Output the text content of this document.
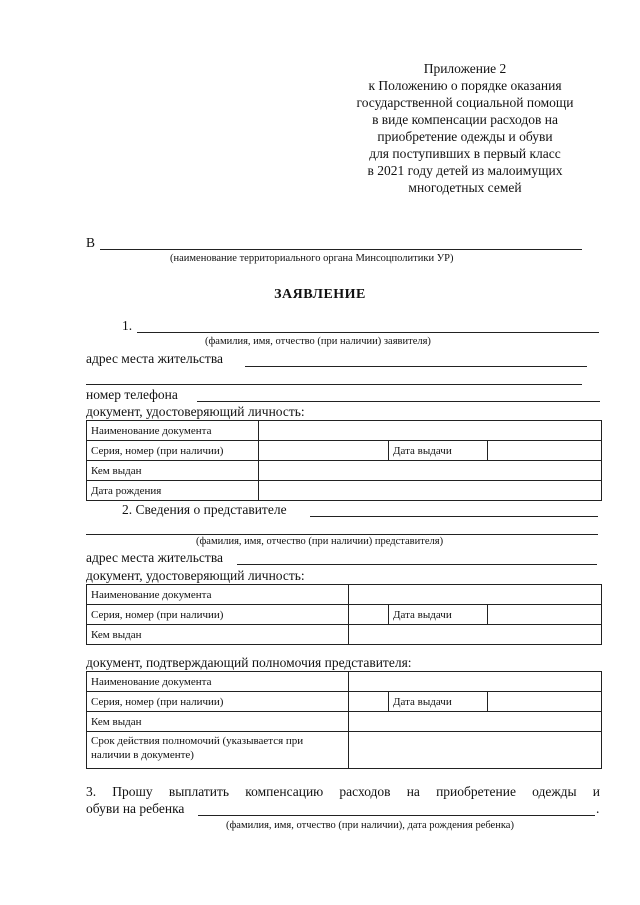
Приложение 2
к Положению о порядке оказания
государственной социальной помощи
в виде компенсации расходов на
приобретение одежды и обуви
для поступивших в первый класс
в 2021 году детей из малоимущих
многодетных семей
В
(наименование территориального органа Минсоцполитики УР)
ЗАЯВЛЕНИЕ
1.
(фамилия, имя, отчество (при наличии) заявителя)
адрес места жительства
номер телефона
документ, удостоверяющий личность:
Наименование документа			
Серия, номер (при наличии)		Дата выдачи	
Кем выдан			
Дата рождения			
2. Сведения о представителе
(фамилия, имя, отчество (при наличии) представителя)
адрес места жительства
документ, удостоверяющий личность:
Наименование документа			
Серия, номер (при наличии)		Дата выдачи	
Кем выдан			
документ, подтверждающий полномочия представителя:
Наименование документа			
Серия, номер (при наличии)		Дата выдачи	
Кем выдан			
Срок действия полномочий (указывается при наличии в документе)			
3. Прошу выплатить компенсацию расходов на приобретение одежды и
обуви на ребенка	.
(фамилия, имя, отчество (при наличии), дата рождения ребенка)
